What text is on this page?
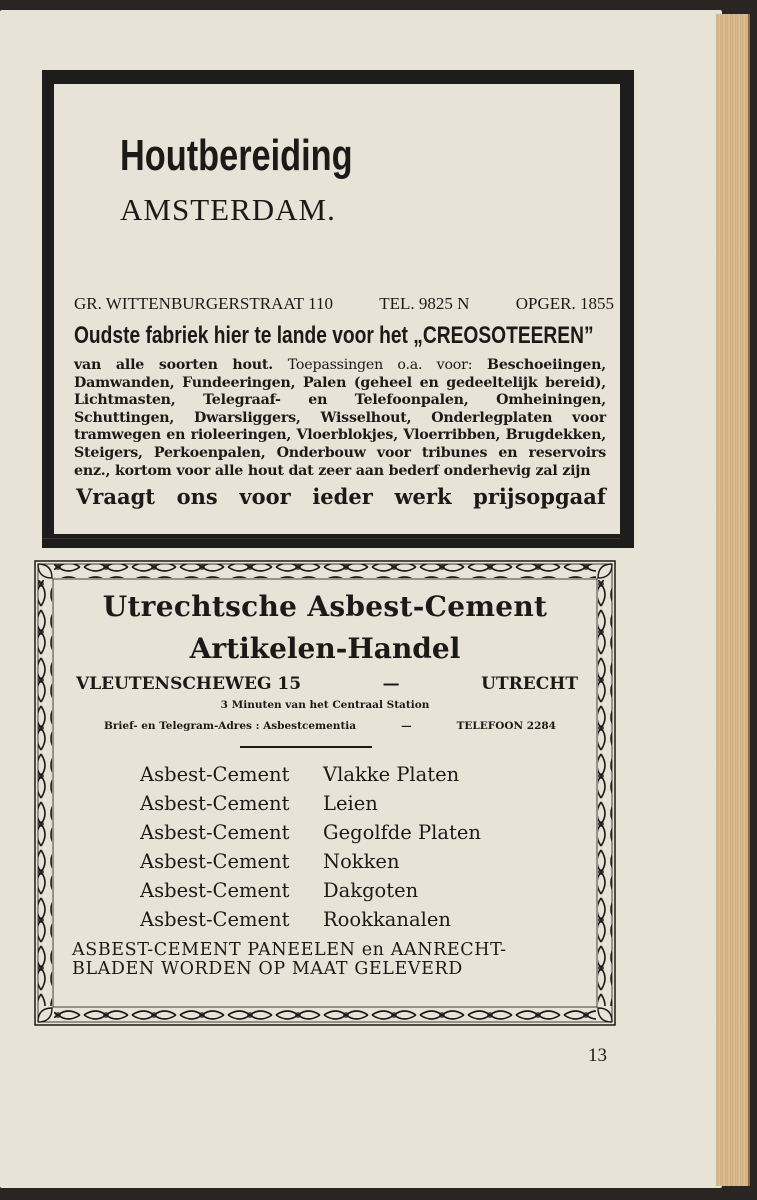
Houtbereiding
AMSTERDAM.
GR. WITTENBURGERSTRAAT 110	TEL. 9825 N	OPGER. 1855
Oudste fabriek hier te lande voor het „CREOSOTEEREN”
van alle soorten hout. Toepassingen o.a. voor: Beschoeiingen, Damwanden, Fundeeringen, Palen (geheel en gedeeltelijk bereid), Lichtmasten, Telegraaf- en Telefoonpalen, Omheiningen, Schuttingen, Dwarsliggers, Wisselhout, Onderlegplaten voor tramwegen en rioleeringen, Vloerblokjes, Vloerribben, Brugdekken, Steigers, Perkoenpalen, Onderbouw voor tribunes en reservoirs enz., kortom voor alle hout dat zeer aan bederf onderhevig zal zijn
Vraagt ons voor ieder werk prijsopgaaf
Utrechtsche Asbest-Cement
Artikelen-Handel
VLEUTENSCHEWEG 15	—	UTRECHT
3 Minuten van het Centraal Station
Brief- en Telegram-Adres : Asbestcementia	—	TELEFOON 2284
Asbest-Cement	Vlakke Platen
Asbest-Cement	Leien
Asbest-Cement	Gegolfde Platen
Asbest-Cement	Nokken
Asbest-Cement	Dakgoten
Asbest-Cement	Rookkanalen
ASBEST-CEMENT PANEELEN en AANRECHT-
BLADEN WORDEN OP MAAT GELEVERD
13
